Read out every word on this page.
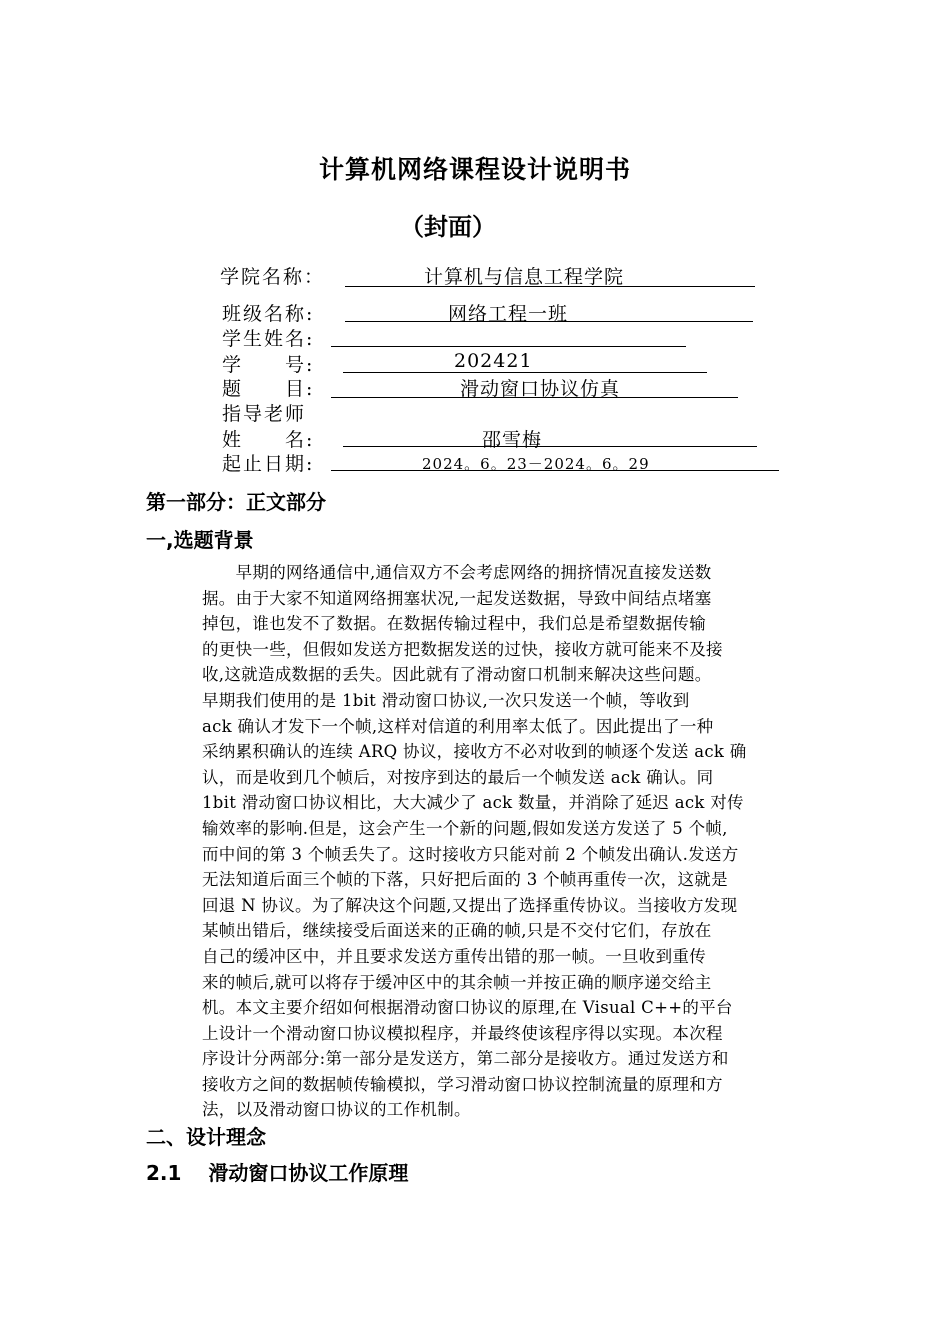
计算机网络课程设计说明书
（封面）
学院名称：	计算机与信息工程学院
班级名称:	网络工程一班
学生姓名:
学　　号:	202421
题　　目:	滑动窗口协议仿真
指导老师
姓　　名:	邵雪梅
起止日期:	2024。6。23－2024。6。29
第一部分：正文部分
一,选题背景
　　早期的网络通信中,通信双方不会考虑网络的拥挤情况直接发送数
据。由于大家不知道网络拥塞状况,一起发送数据，导致中间结点堵塞
掉包，谁也发不了数据。在数据传输过程中，我们总是希望数据传输
的更快一些，但假如发送方把数据发送的过快，接收方就可能来不及接
收,这就造成数据的丢失。因此就有了滑动窗口机制来解决这些问题。
早期我们使用的是 1bit 滑动窗口协议,一次只发送一个帧，等收到
ack 确认才发下一个帧,这样对信道的利用率太低了。因此提出了一种
采纳累积确认的连续 ARQ 协议，接收方不必对收到的帧逐个发送 ack 确
认，而是收到几个帧后，对按序到达的最后一个帧发送 ack 确认。同
1bit 滑动窗口协议相比，大大减少了 ack 数量，并消除了延迟 ack 对传
输效率的影响.但是，这会产生一个新的问题,假如发送方发送了 5 个帧,
而中间的第 3 个帧丢失了。这时接收方只能对前 2 个帧发出确认.发送方
无法知道后面三个帧的下落，只好把后面的 3 个帧再重传一次，这就是
回退 N 协议。为了解决这个问题,又提出了选择重传协议。当接收方发现
某帧出错后，继续接受后面送来的正确的帧,只是不交付它们，存放在
自己的缓冲区中，并且要求发送方重传出错的那一帧。一旦收到重传
来的帧后,就可以将存于缓冲区中的其余帧一并按正确的顺序递交给主
机。本文主要介绍如何根据滑动窗口协议的原理,在 Visual C++的平台
上设计一个滑动窗口协议模拟程序，并最终使该程序得以实现。本次程
序设计分两部分:第一部分是发送方，第二部分是接收方。通过发送方和
接收方之间的数据帧传输模拟，学习滑动窗口协议控制流量的原理和方
法，以及滑动窗口协议的工作机制。
二、设计理念
2.1　 滑动窗口协议工作原理
